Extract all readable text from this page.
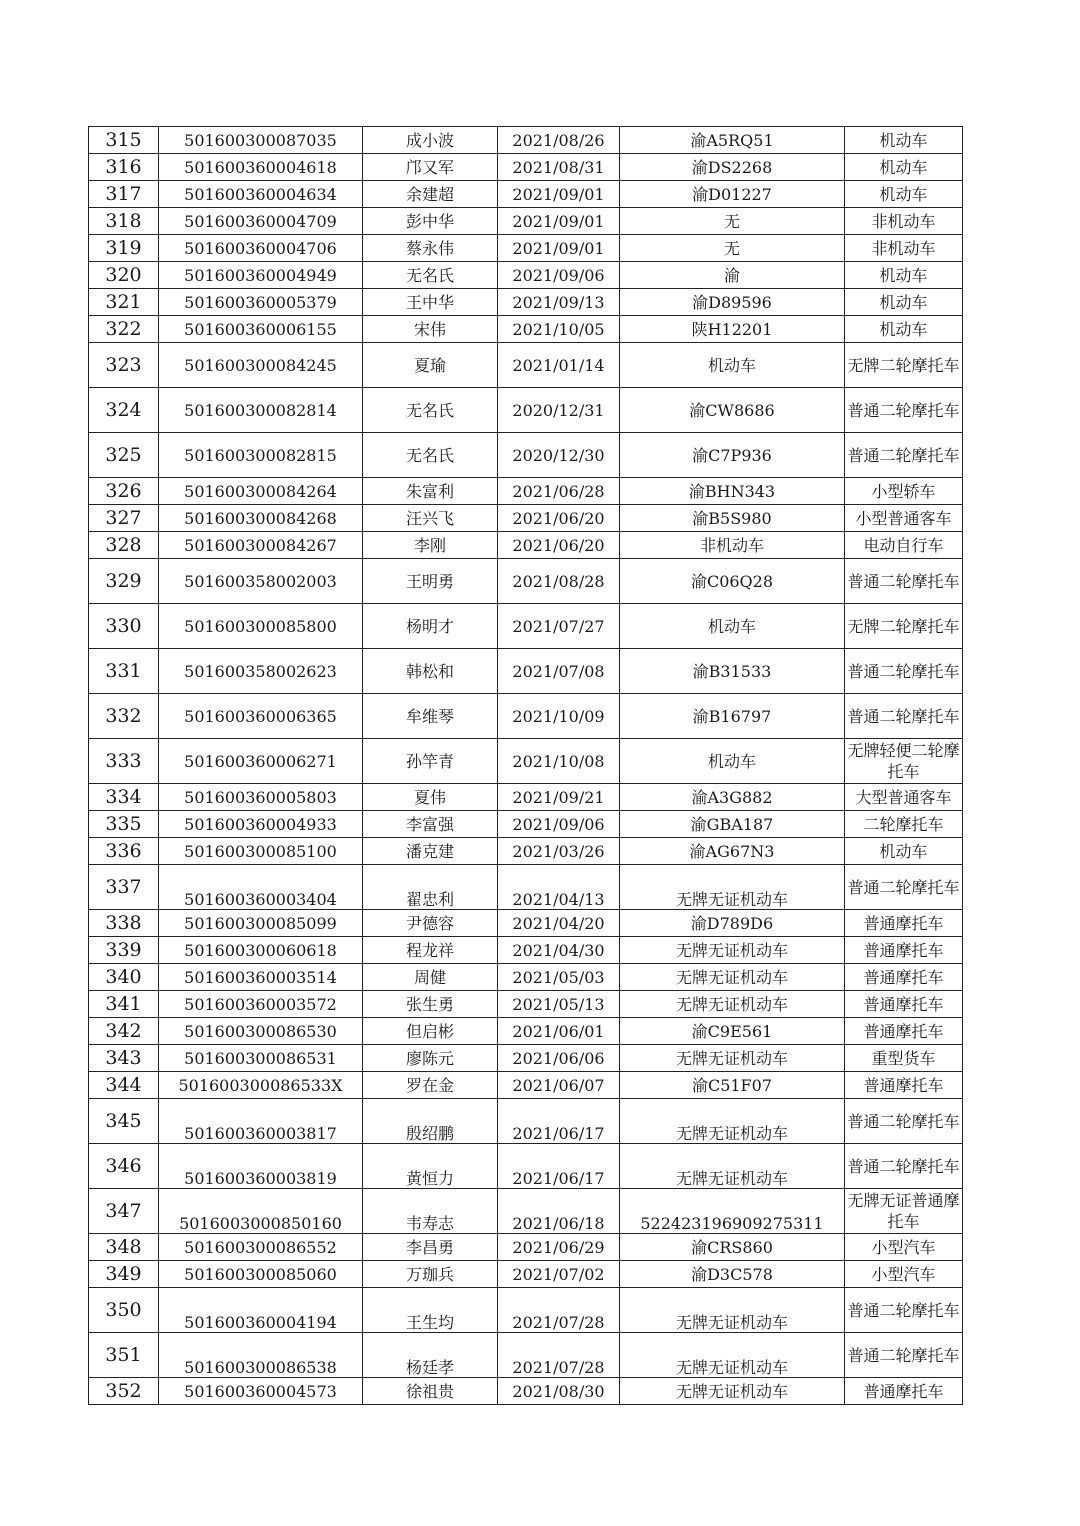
315	501600300087035	成小波	2021/08/26	渝A5RQ51	机动车
316	501600360004618	邝又军	2021/08/31	渝DS2268	机动车
317	501600360004634	余建超	2021/09/01	渝D01227	机动车
318	501600360004709	彭中华	2021/09/01	无	非机动车
319	501600360004706	蔡永伟	2021/09/01	无	非机动车
320	501600360004949	无名氏	2021/09/06	渝	机动车
321	501600360005379	王中华	2021/09/13	渝D89596	机动车
322	501600360006155	宋伟	2021/10/05	陕H12201	机动车
323	501600300084245	夏瑜	2021/01/14	机动车	无牌二轮摩托车
324	501600300082814	无名氏	2020/12/31	渝CW8686	普通二轮摩托车
325	501600300082815	无名氏	2020/12/30	渝C7P936	普通二轮摩托车
326	501600300084264	朱富利	2021/06/28	渝BHN343	小型轿车
327	501600300084268	汪兴飞	2021/06/20	渝B5S980	小型普通客车
328	501600300084267	李刚	2021/06/20	非机动车	电动自行车
329	501600358002003	王明勇	2021/08/28	渝C06Q28	普通二轮摩托车
330	501600300085800	杨明才	2021/07/27	机动车	无牌二轮摩托车
331	501600358002623	韩松和	2021/07/08	渝B31533	普通二轮摩托车
332	501600360006365	牟维琴	2021/10/09	渝B16797	普通二轮摩托车
333	501600360006271	孙竿青	2021/10/08	机动车	无牌轻便二轮摩托车
334	501600360005803	夏伟	2021/09/21	渝A3G882	大型普通客车
335	501600360004933	李富强	2021/09/06	渝GBA187	二轮摩托车
336	501600300085100	潘克建	2021/03/26	渝AG67N3	机动车
337	501600360003404	翟忠利	2021/04/13	无牌无证机动车	普通二轮摩托车
338	501600300085099	尹德容	2021/04/20	渝D789D6	普通摩托车
339	501600300060618	程龙祥	2021/04/30	无牌无证机动车	普通摩托车
340	501600360003514	周健	2021/05/03	无牌无证机动车	普通摩托车
341	501600360003572	张生勇	2021/05/13	无牌无证机动车	普通摩托车
342	501600300086530	但启彬	2021/06/01	渝C9E561	普通摩托车
343	501600300086531	廖陈元	2021/06/06	无牌无证机动车	重型货车
344	501600300086533X	罗在金	2021/06/07	渝C51F07	普通摩托车
345	501600360003817	殷绍鹏	2021/06/17	无牌无证机动车	普通二轮摩托车
346	501600360003819	黄恒力	2021/06/17	无牌无证机动车	普通二轮摩托车
347	5016003000850160	韦寿志	2021/06/18	522423196909275311	无牌无证普通摩托车
348	501600300086552	李昌勇	2021/06/29	渝CRS860	小型汽车
349	501600300085060	万珈兵	2021/07/02	渝D3C578	小型汽车
350	501600360004194	王生均	2021/07/28	无牌无证机动车	普通二轮摩托车
351	501600300086538	杨廷孝	2021/07/28	无牌无证机动车	普通二轮摩托车
352	501600360004573	徐祖贵	2021/08/30	无牌无证机动车	普通摩托车
